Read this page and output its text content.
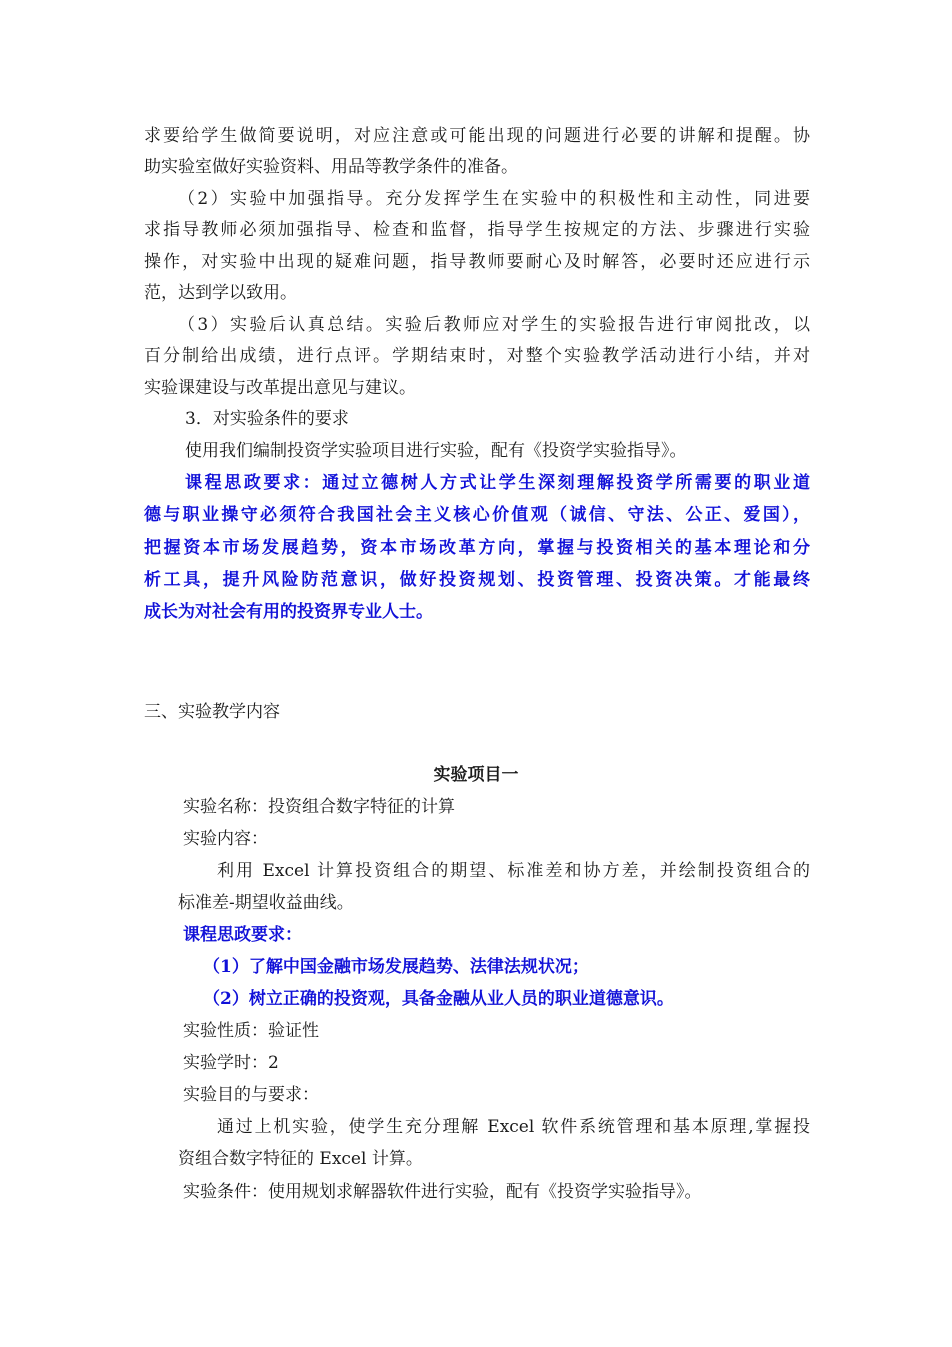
求要给学生做简要说明，对应注意或可能出现的问题进行必要的讲解和提醒。协
助实验室做好实验资料、用品等教学条件的准备。
（2）实验中加强指导。充分发挥学生在实验中的积极性和主动性，同进要
求指导教师必须加强指导、检查和监督，指导学生按规定的方法、步骤进行实验
操作，对实验中出现的疑难问题，指导教师要耐心及时解答，必要时还应进行示
范，达到学以致用。
（3）实验后认真总结。实验后教师应对学生的实验报告进行审阅批改，以
百分制给出成绩，进行点评。学期结束时，对整个实验教学活动进行小结，并对
实验课建设与改革提出意见与建议。
3．对实验条件的要求
使用我们编制投资学实验项目进行实验，配有《投资学实验指导》。
课程思政要求：通过立德树人方式让学生深刻理解投资学所需要的职业道
德与职业操守必须符合我国社会主义核心价值观（诚信、守法、公正、爱国），
把握资本市场发展趋势，资本市场改革方向，掌握与投资相关的基本理论和分
析工具，提升风险防范意识，做好投资规划、投资管理、投资决策。才能最终
成长为对社会有用的投资界专业人士。
三、实验教学内容
实验项目一
实验名称：投资组合数字特征的计算
实验内容：
利用 Excel 计算投资组合的期望、标准差和协方差，并绘制投资组合的
标准差-期望收益曲线。
课程思政要求：
（1）了解中国金融市场发展趋势、法律法规状况；
（2）树立正确的投资观，具备金融从业人员的职业道德意识。
实验性质：验证性
实验学时：2
实验目的与要求：
通过上机实验，使学生充分理解 Excel 软件系统管理和基本原理,掌握投
资组合数字特征的 Excel 计算。
实验条件：使用规划求解器软件进行实验，配有《投资学实验指导》。
